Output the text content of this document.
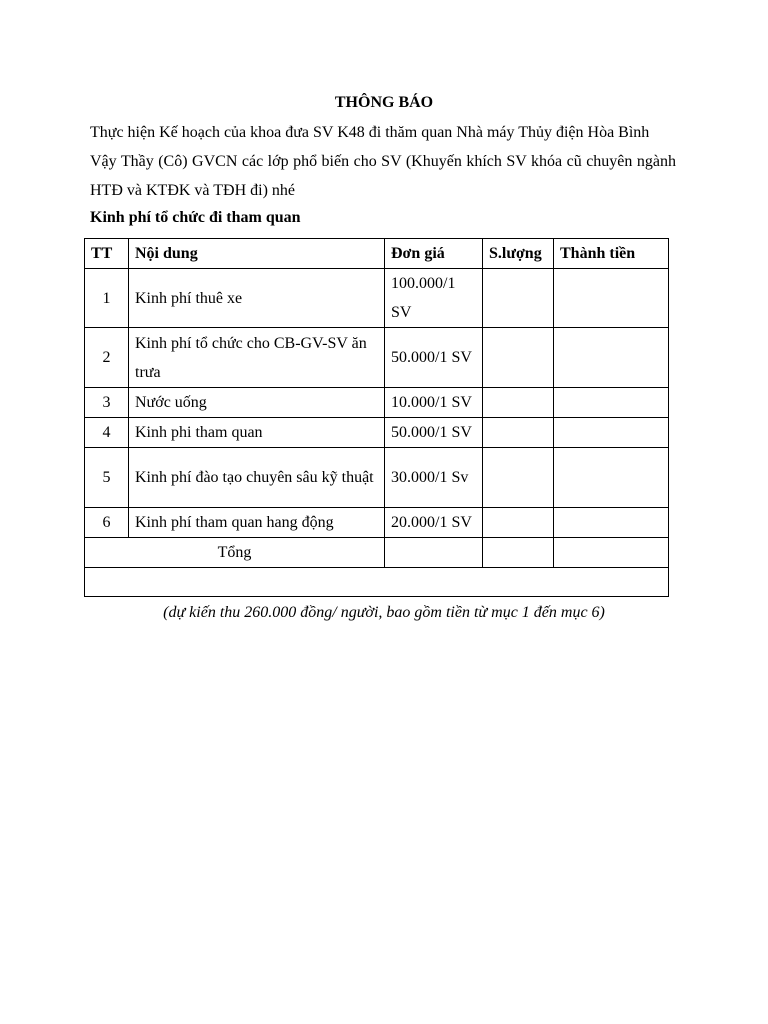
THÔNG BÁO
Thực hiện Kế hoạch của khoa đưa SV K48 đi thăm quan Nhà máy Thủy điện Hòa Bình
Vậy Thầy (Cô) GVCN các lớp phổ biến cho SV (Khuyến khích SV khóa cũ chuyên ngành HTĐ và KTĐK và TĐH đi) nhé
Kinh phí tổ chức đi tham quan
TT	Nội dung	Đơn giá	S.lượng	Thành tiền
1	Kinh phí thuê xe	100.000/1 SV		
2	Kinh phí tổ chức cho CB-GV-SV ăn trưa	50.000/1 SV		
3	Nước uống	10.000/1 SV		
4	Kinh phi tham quan	50.000/1 SV		
5	Kinh phí đào tạo chuyên sâu kỹ thuật	30.000/1 Sv		
6	Kinh phí tham quan hang động	20.000/1 SV		
Tổng				

(dự kiến thu 260.000 đồng/ người, bao gồm tiền từ mục 1 đến mục 6)
